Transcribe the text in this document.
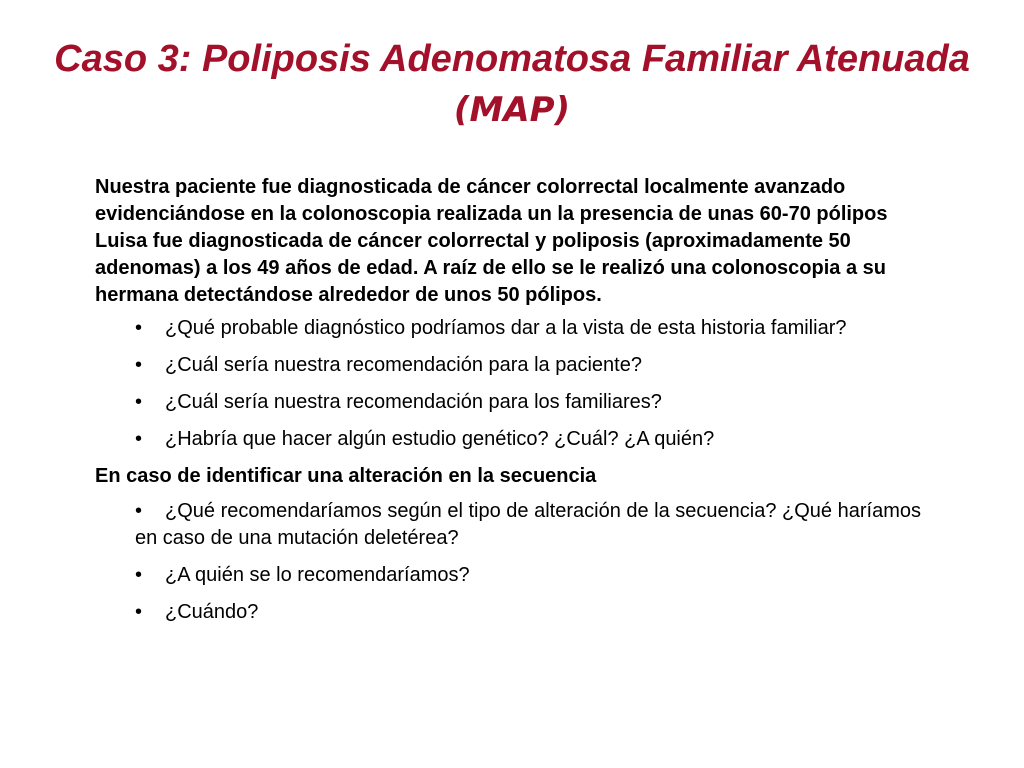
Caso 3: Poliposis Adenomatosa Familiar Atenuada (MAP)

Nuestra paciente fue diagnosticada de cáncer colorrectal localmente avanzado evidenciándose en la colonoscopia realizada un la presencia de unas 60-70 pólipos Luisa fue diagnosticada de cáncer colorrectal y poliposis (aproximadamente 50 adenomas) a los 49 años de edad. A raíz de ello se le realizó una colonoscopia a su hermana detectándose alrededor de unos 50 pólipos.

• ¿Qué probable diagnóstico podríamos dar a la vista de esta historia familiar?
• ¿Cuál sería nuestra recomendación para la paciente?
• ¿Cuál sería nuestra recomendación para los familiares?
• ¿Habría que hacer algún estudio genético? ¿Cuál? ¿A quién?

En caso de identificar una alteración en la secuencia

• ¿Qué recomendaríamos según el tipo de alteración de la secuencia? ¿Qué haríamos en caso de una mutación deletérea?
• ¿A quién se lo recomendaríamos?
• ¿Cuándo?
